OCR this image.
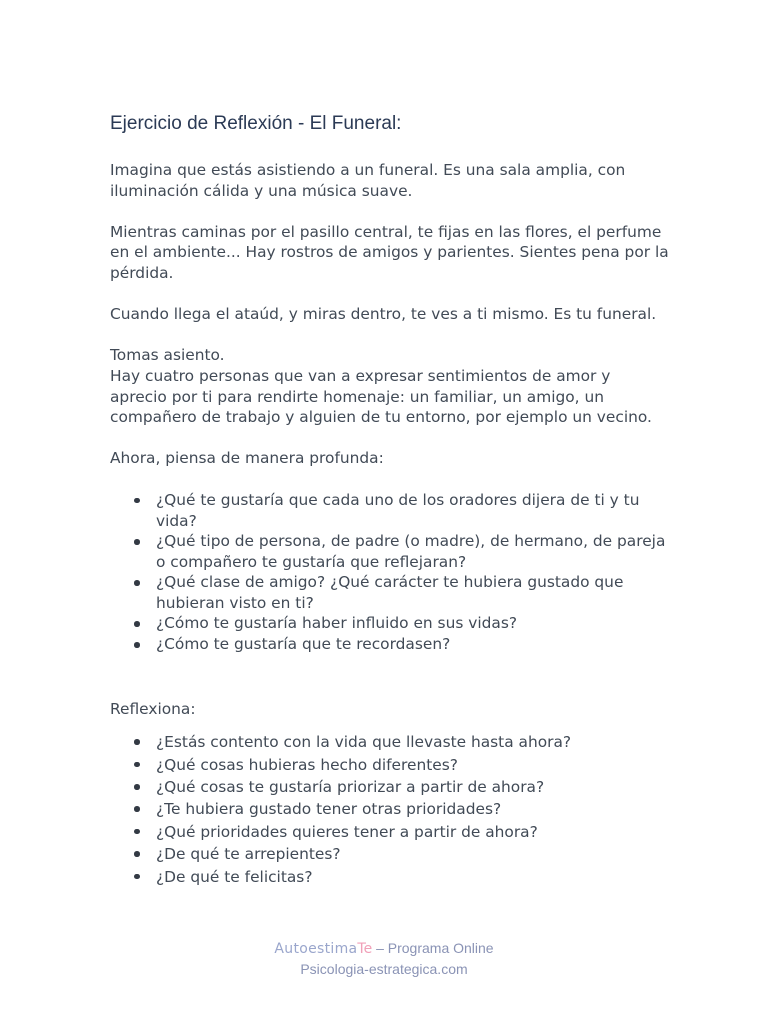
Ejercicio de Reflexión - El Funeral:

Imagina que estás asistiendo a un funeral. Es una sala amplia, con iluminación cálida y una música suave.

Mientras caminas por el pasillo central, te fijas en las flores, el perfume en el ambiente... Hay rostros de amigos y parientes. Sientes pena por la pérdida.

Cuando llega el ataúd, y miras dentro, te ves a ti mismo. Es tu funeral.

Tomas asiento.

Hay cuatro personas que van a expresar sentimientos de amor y aprecio por ti para rendirte homenaje: un familiar, un amigo, un compañero de trabajo y alguien de tu entorno, por ejemplo un vecino.

Ahora, piensa de manera profunda:

¿Qué te gustaría que cada uno de los oradores dijera de ti y tu vida?
¿Qué tipo de persona, de padre (o madre), de hermano, de pareja o compañero te gustaría que reflejaran?
¿Qué clase de amigo? ¿Qué carácter te hubiera gustado que hubieran visto en ti?
¿Cómo te gustaría haber influido en sus vidas?
¿Cómo te gustaría que te recordasen?

Reflexiona:

¿Estás contento con la vida que llevaste hasta ahora?
¿Qué cosas hubieras hecho diferentes?
¿Qué cosas te gustaría priorizar a partir de ahora?
¿Te hubiera gustado tener otras prioridades?
¿Qué prioridades quieres tener a partir de ahora?
¿De qué te arrepientes?
¿De qué te felicitas?
AutoestimaTe – Programa Online
Psicologia-estrategica.com
